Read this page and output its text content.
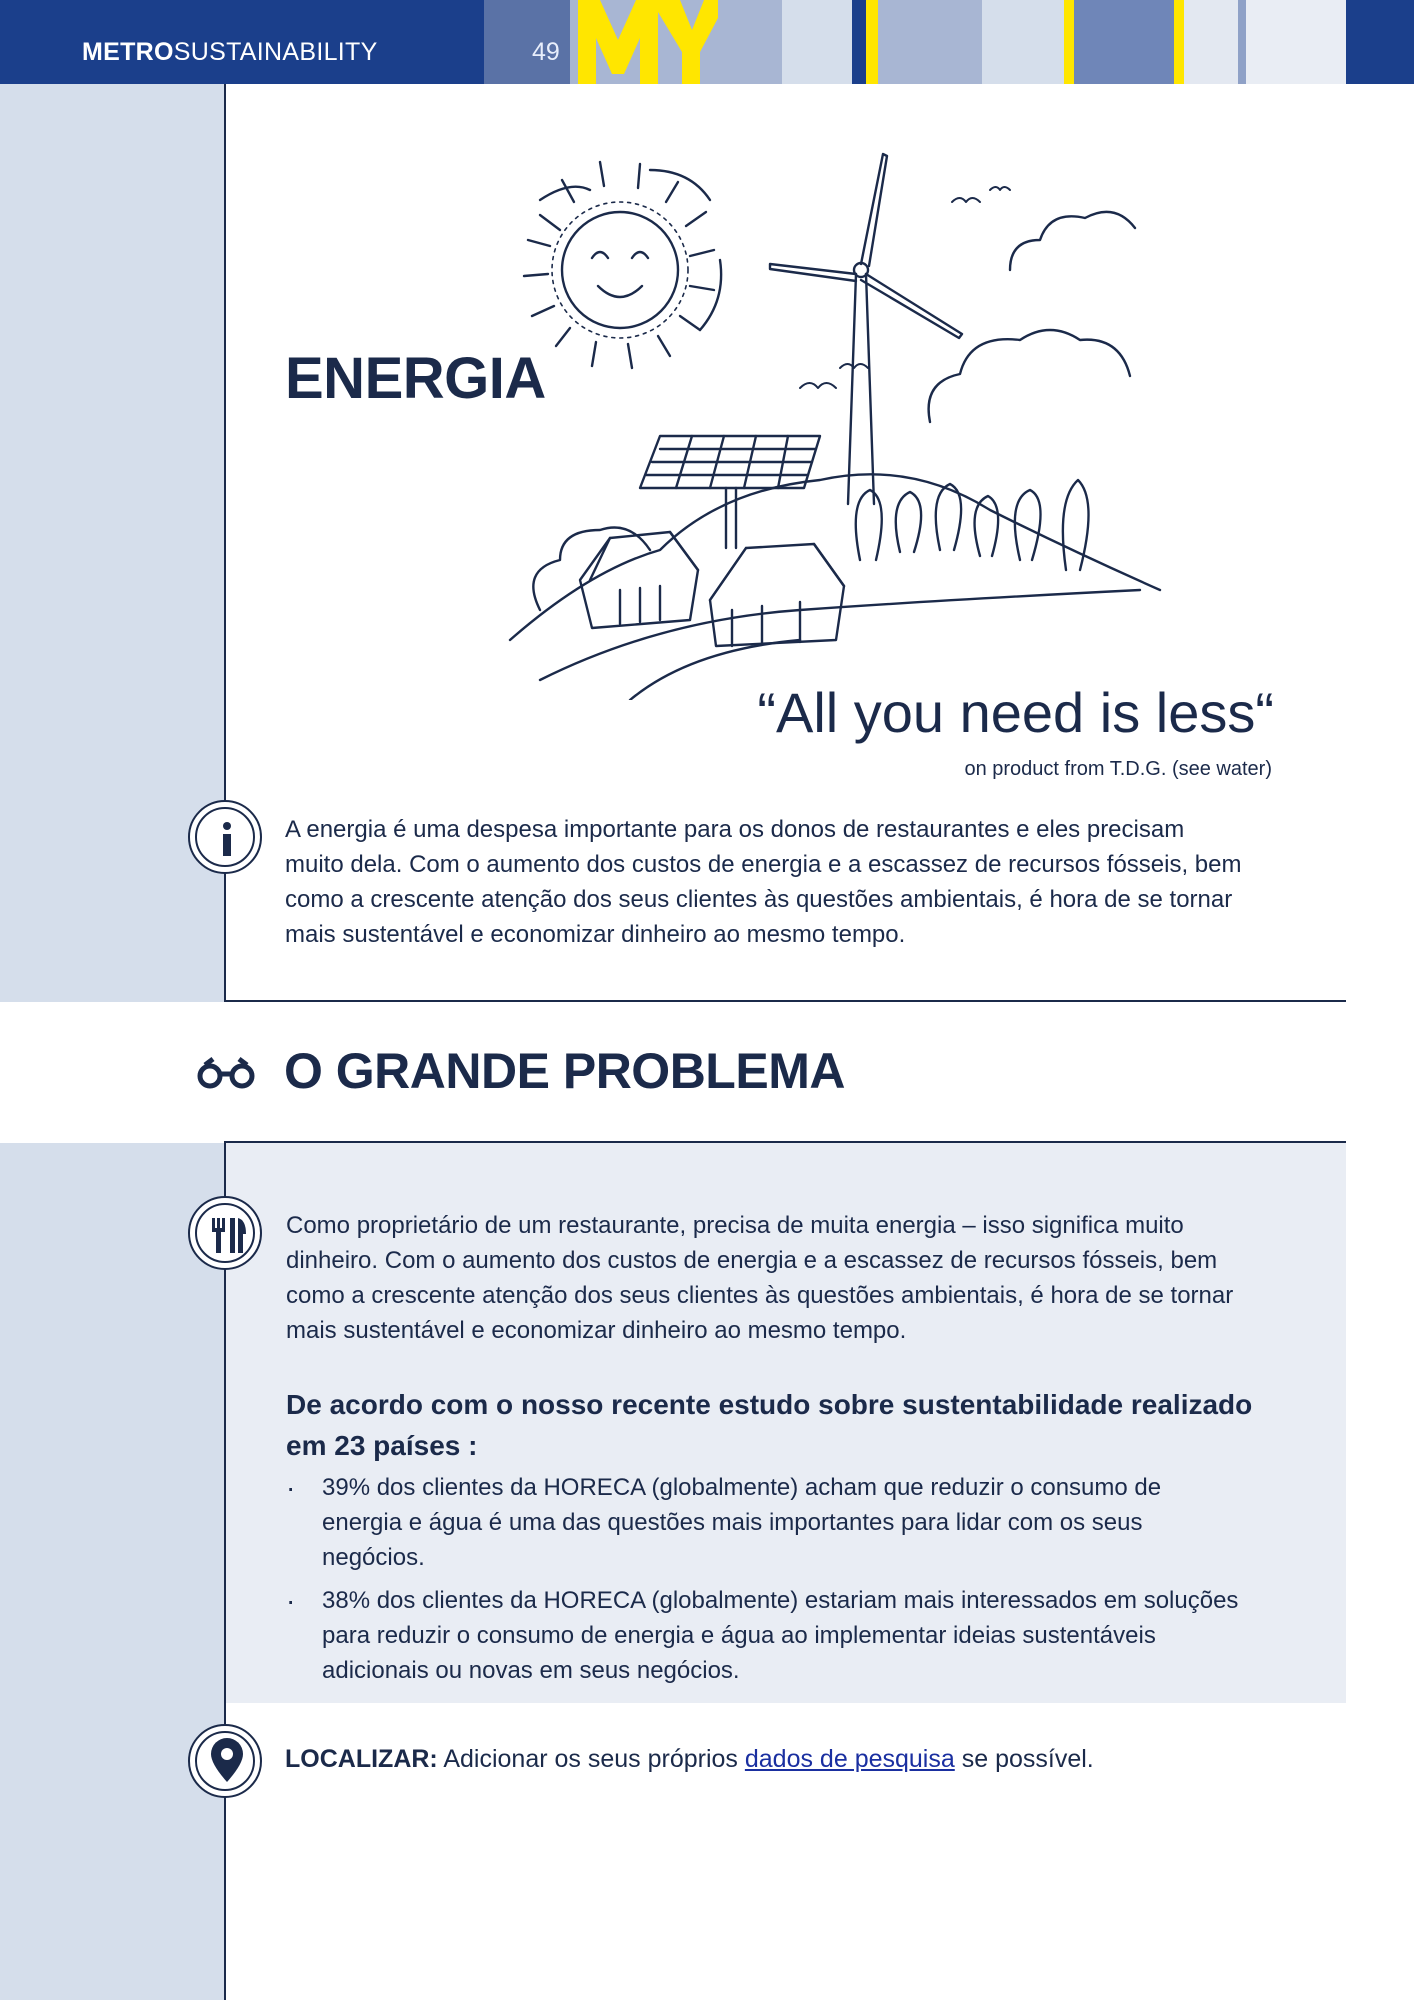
METROSUSTAINABILITY	49
ENERGIA
“All you need is less“
on product from T.D.G. (see water)
A energia é uma despesa importante para os donos de restaurantes e eles precisam muito dela. Com o aumento dos custos de energia e a escassez de recursos fósseis, bem como a crescente atenção dos seus clientes às questões ambientais, é hora de se tornar mais sustentável e economizar dinheiro ao mesmo tempo.
O GRANDE PROBLEMA
Como proprietário de um restaurante, precisa de muita energia – isso significa muito dinheiro. Com o aumento dos custos de energia e a escassez de recursos fósseis, bem como a crescente atenção dos seus clientes às questões ambientais, é hora de se tornar mais sustentável e economizar dinheiro ao mesmo tempo.
De acordo com o nosso recente estudo sobre sustentabilidade realizado em 23 países :
· 39% dos clientes da HORECA (globalmente) acham que reduzir o consumo de energia e água é uma das questões mais importantes para lidar com os seus negócios.
· 38% dos clientes da HORECA (globalmente) estariam mais interessados em soluções para reduzir o consumo de energia e água ao implementar ideias sustentáveis adicionais ou novas em seus negócios.
LOCALIZAR: Adicionar os seus próprios dados de pesquisa se possível.
